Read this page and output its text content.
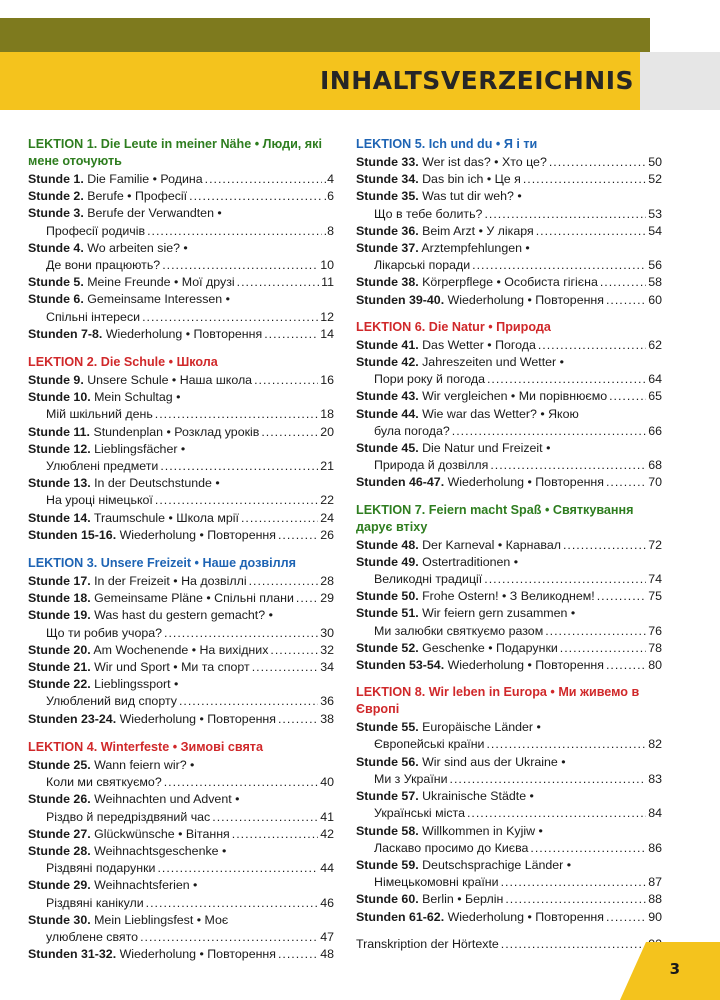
INHALTSVERZEICHNIS
LEKTION 1. Die Leute in meiner Nähe • Люди, які мене оточують
Stunde 1. Die Familie • Родина .....	.4
Stunde 2. Berufe • Професії .....	.6
Stunde 3. Berufe der Verwandten •
Професії родичів .....	.8
Stunde 4. Wo arbeiten sie? •
Де вони працюють? .....	10
Stunde 5. Meine Freunde • Мої друзі .....	11
Stunde 6. Gemeinsame Interessen •
Спільні інтереси .....	12
Stunden 7-8. Wiederholung • Повторення .....	14
LEKTION 2. Die Schule • Школа
Stunde 9. Unsere Schule • Наша школа .....	16
Stunde 10. Mein Schultag •
Мій шкільний день .....	18
Stunde 11. Stundenplan • Розклад уроків .....	20
Stunde 12. Lieblingsfächer •
Улюблені предмети .....	21
Stunde 13. In der Deutschstunde •
На уроці німецької .....	22
Stunde 14. Traumschule • Школа мрії .....	24
Stunden 15-16. Wiederholung • Повторення .....	26
LEKTION 3. Unsere Freizeit • Наше дозвілля
Stunde 17. In der Freizeit • На дозвіллі .....	28
Stunde 18. Gemeinsame Pläne • Спільні плани ..... 29
Stunde 19. Was hast du gestern gemacht? •
Що ти робив учора? .....	30
Stunde 20. Am Wochenende • На вихідних .....	32
Stunde 21. Wir und Sport • Ми та спорт .....	34
Stunde 22. Lieblingssport •
Улюблений вид спорту .....	36
Stunden 23-24. Wiederholung • Повторення .....	38
LEKTION 4. Winterfeste • Зимові свята
Stunde 25. Wann feiern wir? •
Коли ми святкуємо? .....	40
Stunde 26. Weihnachten und Advent •
Різдво й передріздвяний час .....	41
Stunde 27. Glückwünsche • Вітання .....	42
Stunde 28. Weihnachtsgeschenke •
Різдвяні подарунки .....	44
Stunde 29. Weihnachtsferien •
Різдвяні канікули .....	46
Stunde 30. Mein Lieblingsfest • Моє
улюблене свято .....	47
Stunden 31-32. Wiederholung • Повторення .....	48
LEKTION 5. Ich und du • Я і ти
Stunde 33. Wer ist das? • Хто це? .....	50
Stunde 34. Das bin ich • Це я .....	52
Stunde 35. Was tut dir weh? •
Що в тебе болить? .....	53
Stunde 36. Beim Arzt • У лікаря .....	54
Stunde 37. Arztempfehlungen •
Лікарські поради .....	56
Stunde 38. Körperpflege • Особиста гігієна .....	58
Stunden 39-40. Wiederholung • Повторення .....	60
LEKTION 6. Die Natur • Природа
Stunde 41. Das Wetter • Погода .....	62
Stunde 42. Jahreszeiten und Wetter •
Пори року й погода .....	64
Stunde 43. Wir vergleichen • Ми порівнюємо .....	65
Stunde 44. Wie war das Wetter? • Якою
була погода? .....	66
Stunde 45. Die Natur und Freizeit •
Природа й дозвілля .....	68
Stunden 46-47. Wiederholung • Повторення .....	70
LEKTION 7. Feiern macht Spaß • Святкування дарує втіху
Stunde 48. Der Karneval • Карнавал .....	72
Stunde 49. Ostertraditionen •
Великодні традиції .....	74
Stunde 50. Frohe Ostern! • З Великоднем! .....	75
Stunde 51. Wir feiern gern zusammen •
Ми залюбки святкуємо разом .....	76
Stunde 52. Geschenke • Подарунки .....	78
Stunden 53-54. Wiederholung • Повторення .....	80
LEKTION 8. Wir leben in Europa • Ми живемо в Європі
Stunde 55. Europäische Länder •
Європейські країни .....	82
Stunde 56. Wir sind aus der Ukraine •
Ми з України .....	83
Stunde 57. Ukrainische Städte •
Українські міста .....	84
Stunde 58. Willkommen in Kyjiw •
Ласкаво просимо до Києва .....	86
Stunde 59. Deutschsprachige Länder •
Німецькомовні країни .....	87
Stunde 60. Berlin • Берлін .....	88
Stunden 61-62. Wiederholung • Повторення .....	90
Transkription der Hörtexte
.....
3
